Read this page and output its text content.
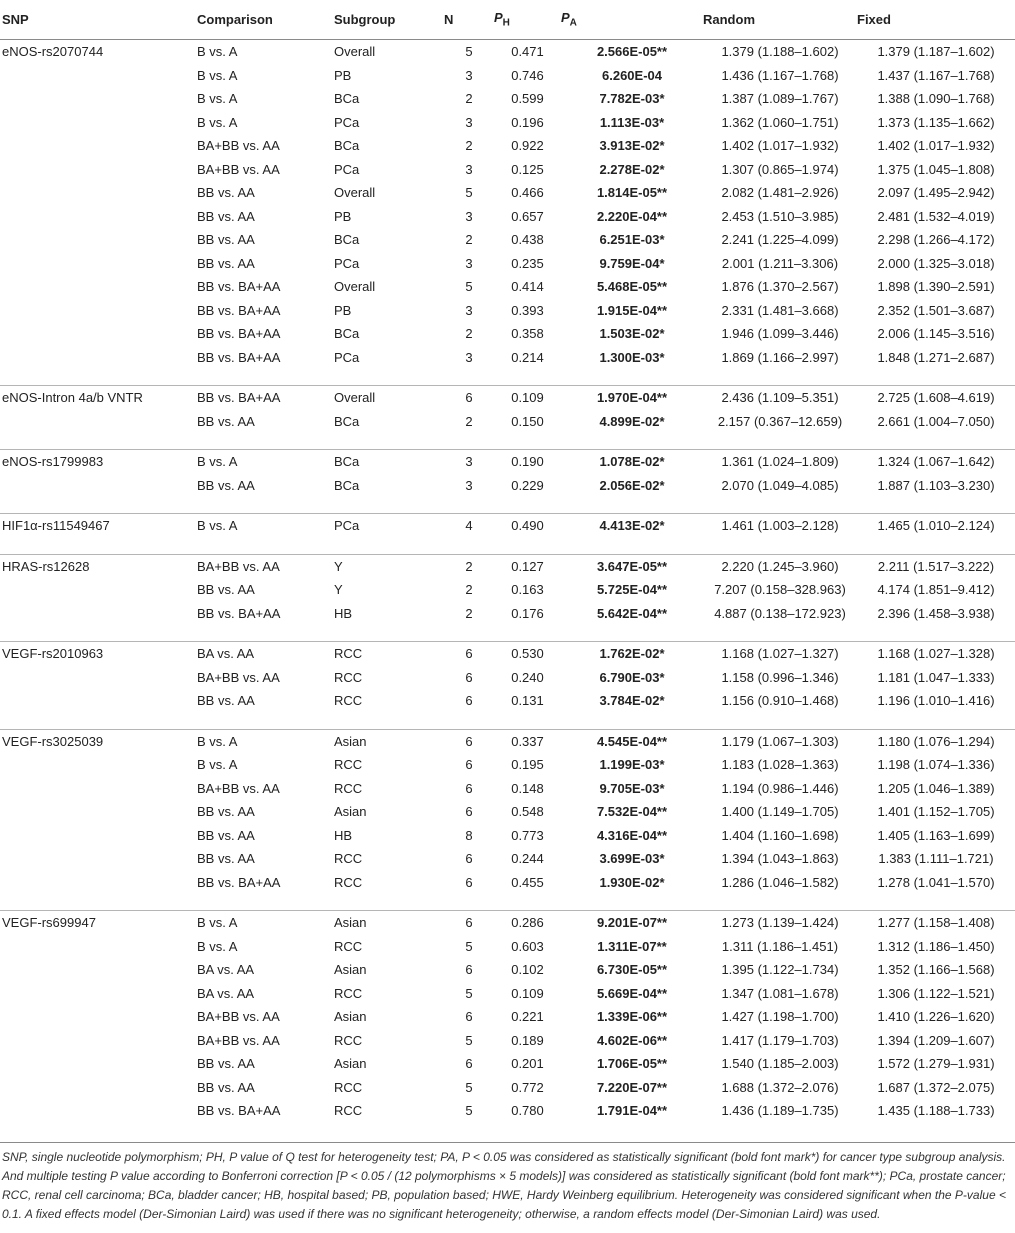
SNP	Comparison	Subgroup	N	$P_H$	$P_A$	Random	Fixed
eNOS-rs2070744	B vs. A	Overall	5	0.471	2.566E-05**	1.379 (1.188–1.602)	1.379 (1.187–1.602)
	B vs. A	PB	3	0.746	6.260E-04	1.436 (1.167–1.768)	1.437 (1.167–1.768)
	B vs. A	BCa	2	0.599	7.782E-03*	1.387 (1.089–1.767)	1.388 (1.090–1.768)
	B vs. A	PCa	3	0.196	1.113E-03*	1.362 (1.060–1.751)	1.373 (1.135–1.662)
	BA+BB vs. AA	BCa	2	0.922	3.913E-02*	1.402 (1.017–1.932)	1.402 (1.017–1.932)
	BA+BB vs. AA	PCa	3	0.125	2.278E-02*	1.307 (0.865–1.974)	1.375 (1.045–1.808)
	BB vs. AA	Overall	5	0.466	1.814E-05**	2.082 (1.481–2.926)	2.097 (1.495–2.942)
	BB vs. AA	PB	3	0.657	2.220E-04**	2.453 (1.510–3.985)	2.481 (1.532–4.019)
	BB vs. AA	BCa	2	0.438	6.251E-03*	2.241 (1.225–4.099)	2.298 (1.266–4.172)
	BB vs. AA	PCa	3	0.235	9.759E-04*	2.001 (1.211–3.306)	2.000 (1.325–3.018)
	BB vs. BA+AA	Overall	5	0.414	5.468E-05**	1.876 (1.370–2.567)	1.898 (1.390–2.591)
	BB vs. BA+AA	PB	3	0.393	1.915E-04**	2.331 (1.481–3.668)	2.352 (1.501–3.687)
	BB vs. BA+AA	BCa	2	0.358	1.503E-02*	1.946 (1.099–3.446)	2.006 (1.145–3.516)
	BB vs. BA+AA	PCa	3	0.214	1.300E-03*	1.869 (1.166–2.997)	1.848 (1.271–2.687)

eNOS-Intron 4a/b VNTR	BB vs. BA+AA	Overall	6	0.109	1.970E-04**	2.436 (1.109–5.351)	2.725 (1.608–4.619)
	BB vs. AA	BCa	2	0.150	4.899E-02*	2.157 (0.367–12.659)	2.661 (1.004–7.050)

eNOS-rs1799983	B vs. A	BCa	3	0.190	1.078E-02*	1.361 (1.024–1.809)	1.324 (1.067–1.642)
	BB vs. AA	BCa	3	0.229	2.056E-02*	2.070 (1.049–4.085)	1.887 (1.103–3.230)

HIF1α-rs11549467	B vs. A	PCa	4	0.490	4.413E-02*	1.461 (1.003–2.128)	1.465 (1.010–2.124)

HRAS-rs12628	BA+BB vs. AA	Y	2	0.127	3.647E-05**	2.220 (1.245–3.960)	2.211 (1.517–3.222)
	BB vs. AA	Y	2	0.163	5.725E-04**	7.207 (0.158–328.963)	4.174 (1.851–9.412)
	BB vs. BA+AA	HB	2	0.176	5.642E-04**	4.887 (0.138–172.923)	2.396 (1.458–3.938)

VEGF-rs2010963	BA vs. AA	RCC	6	0.530	1.762E-02*	1.168 (1.027–1.327)	1.168 (1.027–1.328)
	BA+BB vs. AA	RCC	6	0.240	6.790E-03*	1.158 (0.996–1.346)	1.181 (1.047–1.333)
	BB vs. AA	RCC	6	0.131	3.784E-02*	1.156 (0.910–1.468)	1.196 (1.010–1.416)

VEGF-rs3025039	B vs. A	Asian	6	0.337	4.545E-04**	1.179 (1.067–1.303)	1.180 (1.076–1.294)
	B vs. A	RCC	6	0.195	1.199E-03*	1.183 (1.028–1.363)	1.198 (1.074–1.336)
	BA+BB vs. AA	RCC	6	0.148	9.705E-03*	1.194 (0.986–1.446)	1.205 (1.046–1.389)
	BB vs. AA	Asian	6	0.548	7.532E-04**	1.400 (1.149–1.705)	1.401 (1.152–1.705)
	BB vs. AA	HB	8	0.773	4.316E-04**	1.404 (1.160–1.698)	1.405 (1.163–1.699)
	BB vs. AA	RCC	6	0.244	3.699E-03*	1.394 (1.043–1.863)	1.383 (1.111–1.721)
	BB vs. BA+AA	RCC	6	0.455	1.930E-02*	1.286 (1.046–1.582)	1.278 (1.041–1.570)

VEGF-rs699947	B vs. A	Asian	6	0.286	9.201E-07**	1.273 (1.139–1.424)	1.277 (1.158–1.408)
	B vs. A	RCC	5	0.603	1.311E-07**	1.311 (1.186–1.451)	1.312 (1.186–1.450)
	BA vs. AA	Asian	6	0.102	6.730E-05**	1.395 (1.122–1.734)	1.352 (1.166–1.568)
	BA vs. AA	RCC	5	0.109	5.669E-04**	1.347 (1.081–1.678)	1.306 (1.122–1.521)
	BA+BB vs. AA	Asian	6	0.221	1.339E-06**	1.427 (1.198–1.700)	1.410 (1.226–1.620)
	BA+BB vs. AA	RCC	5	0.189	4.602E-06**	1.417 (1.179–1.703)	1.394 (1.209–1.607)
	BB vs. AA	Asian	6	0.201	1.706E-05**	1.540 (1.185–2.003)	1.572 (1.279–1.931)
	BB vs. AA	RCC	5	0.772	7.220E-07**	1.688 (1.372–2.076)	1.687 (1.372–2.075)
	BB vs. BA+AA	RCC	5	0.780	1.791E-04**	1.436 (1.189–1.735)	1.435 (1.188–1.733)
SNP, single nucleotide polymorphism; PH, P value of Q test for heterogeneity test; PA, P < 0.05 was considered as statistically significant (bold font mark*) for cancer type subgroup analysis. And multiple testing P value according to Bonferroni correction [P < 0.05 / (12 polymorphisms × 5 models)] was considered as statistically significant (bold font mark**); PCa, prostate cancer; RCC, renal cell carcinoma; BCa, bladder cancer; HB, hospital based; PB, population based; HWE, Hardy Weinberg equilibrium. Heterogeneity was considered significant when the P-value < 0.1. A fixed effects model (Der-Simonian Laird) was used if there was no significant heterogeneity; otherwise, a random effects model (Der-Simonian Laird) was used.
